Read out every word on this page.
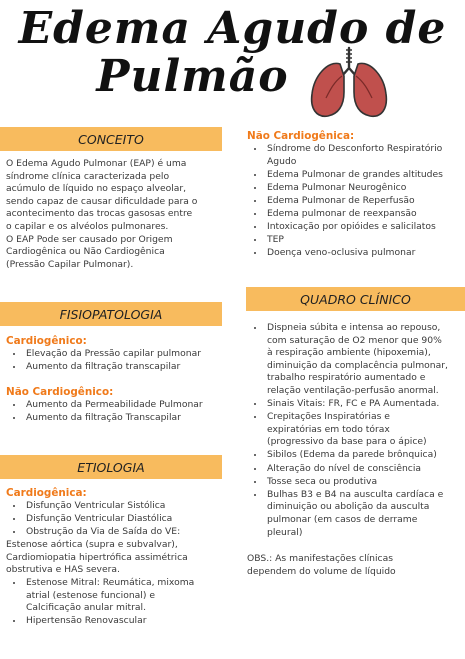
Edema Agudo de
Pulmão
CONCEITO

O Edema Agudo Pulmonar (EAP) é uma

síndrome clínica caracterizada pelo

acúmulo de líquido no espaço alveolar,

sendo capaz de causar dificuldade para o

acontecimento das trocas gasosas entre

o capilar e os alvéolos pulmonares.

O EAP Pode ser causado por Origem

Cardiogênica ou Não Cardiogênica

(Pressão Capilar Pulmonar).

FISIOPATOLOGIA

Cardiogênico:

• Elevação da Pressão capilar pulmonar
• Aumento da filtração transcapilar

Não Cardiogênico:

• Aumento da Permeabilidade Pulmonar
• Aumento da filtração Transcapilar
ETIOLOGIA

Cardiogênica:

• Disfunção Ventricular Sistólica
• Disfunção Ventricular Diastólica
• Obstrução da Via de Saída do VE:

Estenose aórtica (supra e subvalvar),

Cardiomiopatia hipertrófica assimétrica

obstrutiva e HAS severa.

• Estenose Mitral: Reumática, mixoma
atrial (estenose funcional) e
Calcificação anular mitral.
• Hipertensão Renovascular

Não Cardiogênica:

• Síndrome do Desconforto Respiratório
Agudo
• Edema Pulmonar de grandes altitudes
• Edema Pulmonar Neurogênico
• Edema Pulmonar de Reperfusão
• Edema pulmonar de reexpansão
• Intoxicação por opióides e salicilatos
• TEP
• Doença veno-oclusiva pulmonar
QUADRO CLÍNICO
• Dispneia súbita e intensa ao repouso,
com saturação de O2 menor que 90%
à respiração ambiente (hipoxemia),
diminuição da complacência pulmonar,
trabalho respiratório aumentado e
relação ventilação-perfusão anormal.
• Sinais Vitais: FR, FC e PA Aumentada.
• Crepitações Inspiratórias e
expiratórias em todo tórax
(progressivo da base para o ápice)
• Sibilos (Edema da parede brônquica)
• Alteração do nível de consciência
• Tosse seca ou produtiva
• Bulhas B3 e B4 na ausculta cardíaca e
diminuição ou abolição da ausculta
pulmonar (em casos de derrame
pleural)

OBS.: As manifestações clínicas

dependem do volume de líquido
